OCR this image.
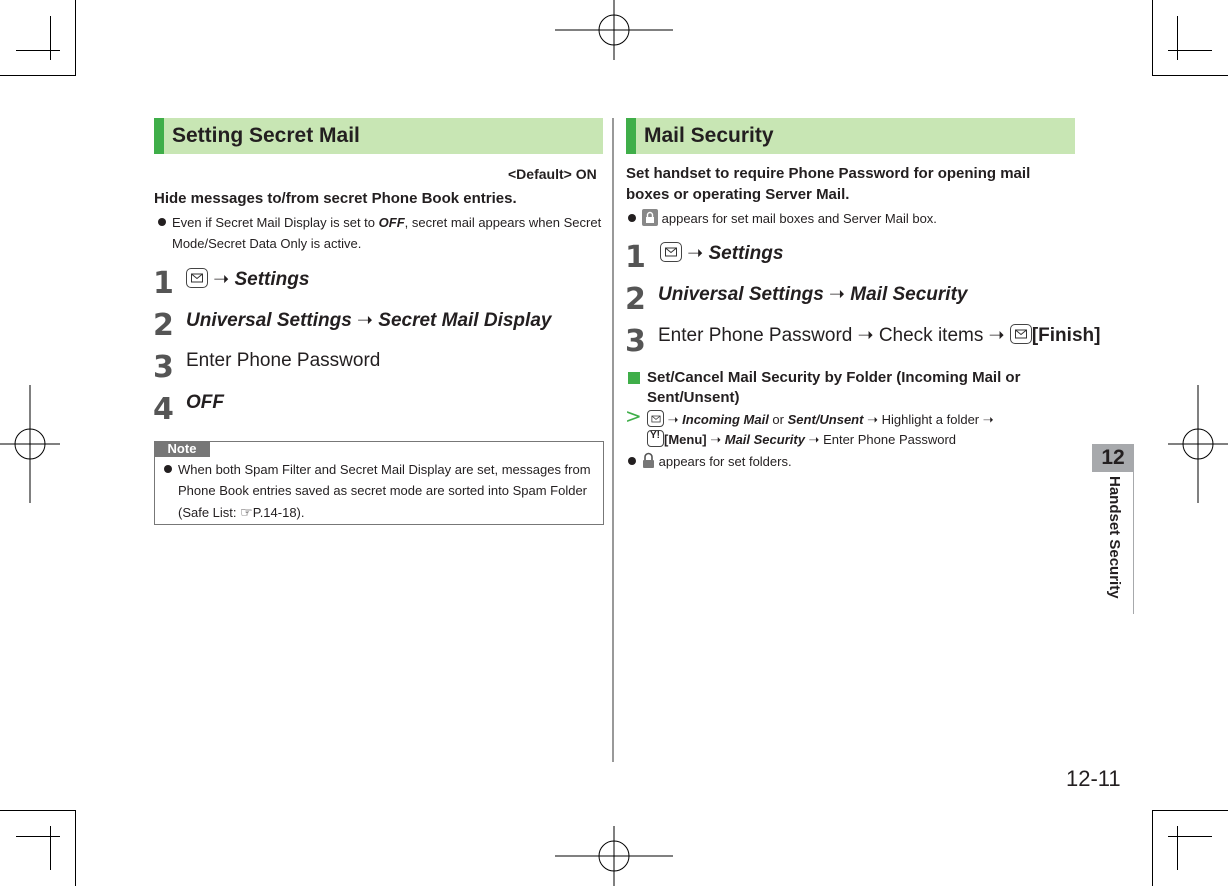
Setting Secret Mail
<Default> ON
Hide messages to/from secret Phone Book entries.
Even if Secret Mail Display is set to OFF, secret mail appears when Secret
Mode/Secret Data Only is active.
1	➝ Settings
2 Universal Settings ➝ Secret Mail Display
3 Enter Phone Password
4 OFF
Note
When both Spam Filter and Secret Mail Display are set, messages from
Phone Book entries saved as secret mode are sorted into Spam Folder
(Safe List: ☞P.14-18).
Mail Security
Set handset to require Phone Password for opening mail
boxes or operating Server Mail.
appears for set mail boxes and Server Mail box.
1	➝ Settings
2 Universal Settings ➝ Mail Security
3 Enter Phone Password ➝ Check items ➝
[Finish]
Set/Cancel Mail Security by Folder (Incoming Mail or
Sent/Unsent)
>	➝ Incoming Mail or Sent/Unsent ➝ Highlight a folder ➝
Y! [Menu] ➝ Mail Security ➝ Enter Phone Password
appears for set folders.	12
Handset Security
12-11
